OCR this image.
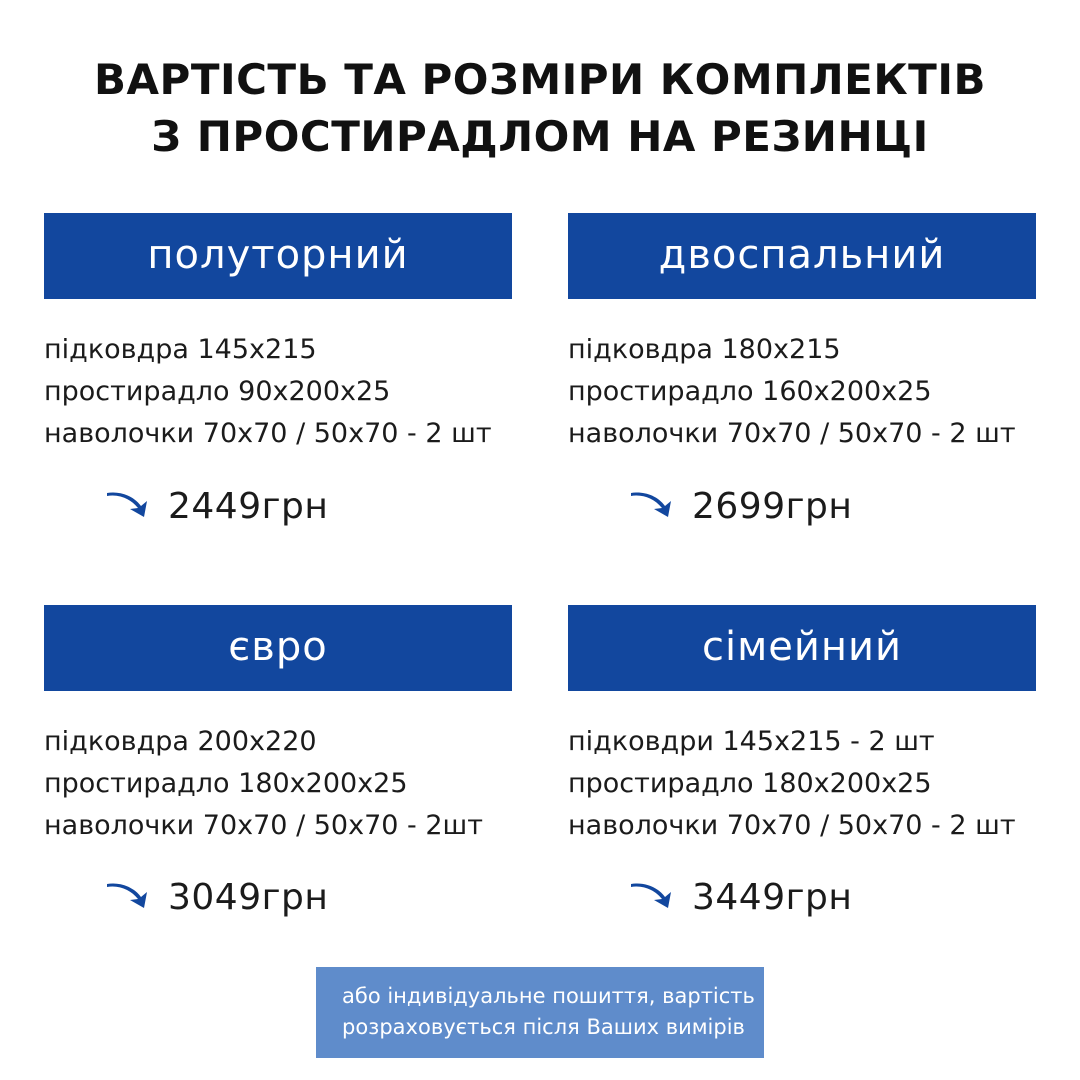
ВАРТІСТЬ ТА РОЗМІРИ КОМПЛЕКТІВ
З ПРОСТИРАДЛОМ НА РЕЗИНЦІ
полуторний
підковдра 145х215
простирадло 90х200х25
наволочки 70х70 / 50х70 - 2 шт
2449грн
двоспальний
підковдра 180х215
простирадло 160х200х25
наволочки 70х70 / 50х70 - 2 шт
2699грн
євро
підковдра 200х220
простирадло 180х200х25
наволочки 70х70 / 50х70 - 2шт
3049грн
сімейний
підковдри 145х215 - 2 шт
простирадло 180х200х25
наволочки 70х70 / 50х70 - 2 шт
3449грн
або індивідуальне пошиття, вартість
розраховується після Ваших вимірів
